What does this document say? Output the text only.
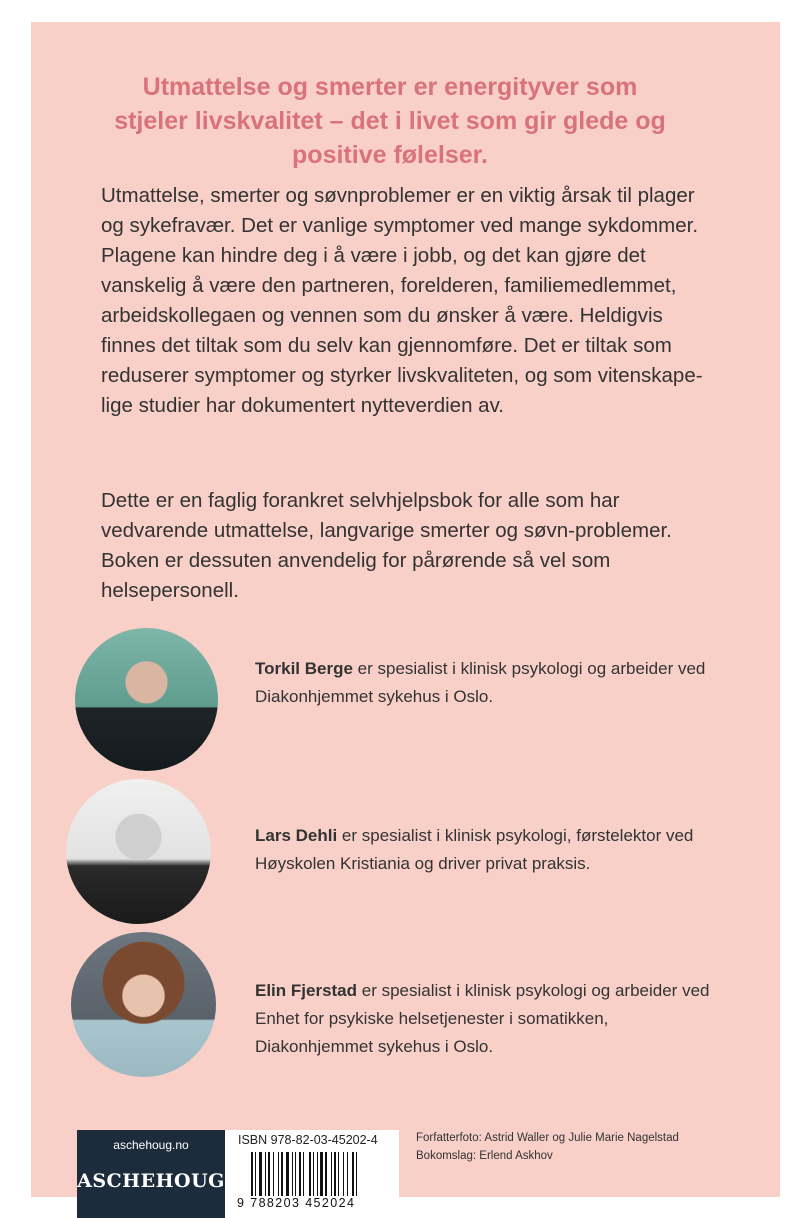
Utmattelse og smerter er energityver som stjeler livskvalitet – det i livet som gir glede og positive følelser.
Utmattelse, smerter og søvnproblemer er en viktig årsak til plager og sykefravær. Det er vanlige symptomer ved mange sykdommer. Plagene kan hindre deg i å være i jobb, og det kan gjøre det vanskelig å være den partneren, forelderen, familiemedlemmet, arbeidskollegaen og vennen som du ønsker å være. Heldigvis finnes det tiltak som du selv kan gjennomføre. Det er tiltak som reduserer symptomer og styrker livskvaliteten, og som vitenskape-lige studier har dokumentert nytteverdien av.
Dette er en faglig forankret selvhjelpsbok for alle som har vedvarende utmattelse, langvarige smerter og søvn-problemer. Boken er dessuten anvendelig for pårørende så vel som helsepersonell.
Torkil Berge er spesialist i klinisk psykologi og arbeider ved Diakonhjemmet sykehus i Oslo.
Lars Dehli er spesialist i klinisk psykologi, førstelektor ved Høyskolen Kristiania og driver privat praksis.
Elin Fjerstad er spesialist i klinisk psykologi og arbeider ved Enhet for psykiske helsetjenester i somatikken, Diakonhjemmet sykehus i Oslo.
aschehoug.no
ASCHEHOUG
ISBN 978-82-03-45202-4
9 788203 452024
Forfatterfoto: Astrid Waller og Julie Marie Nagelstad
Bokomslag: Erlend Askhov
